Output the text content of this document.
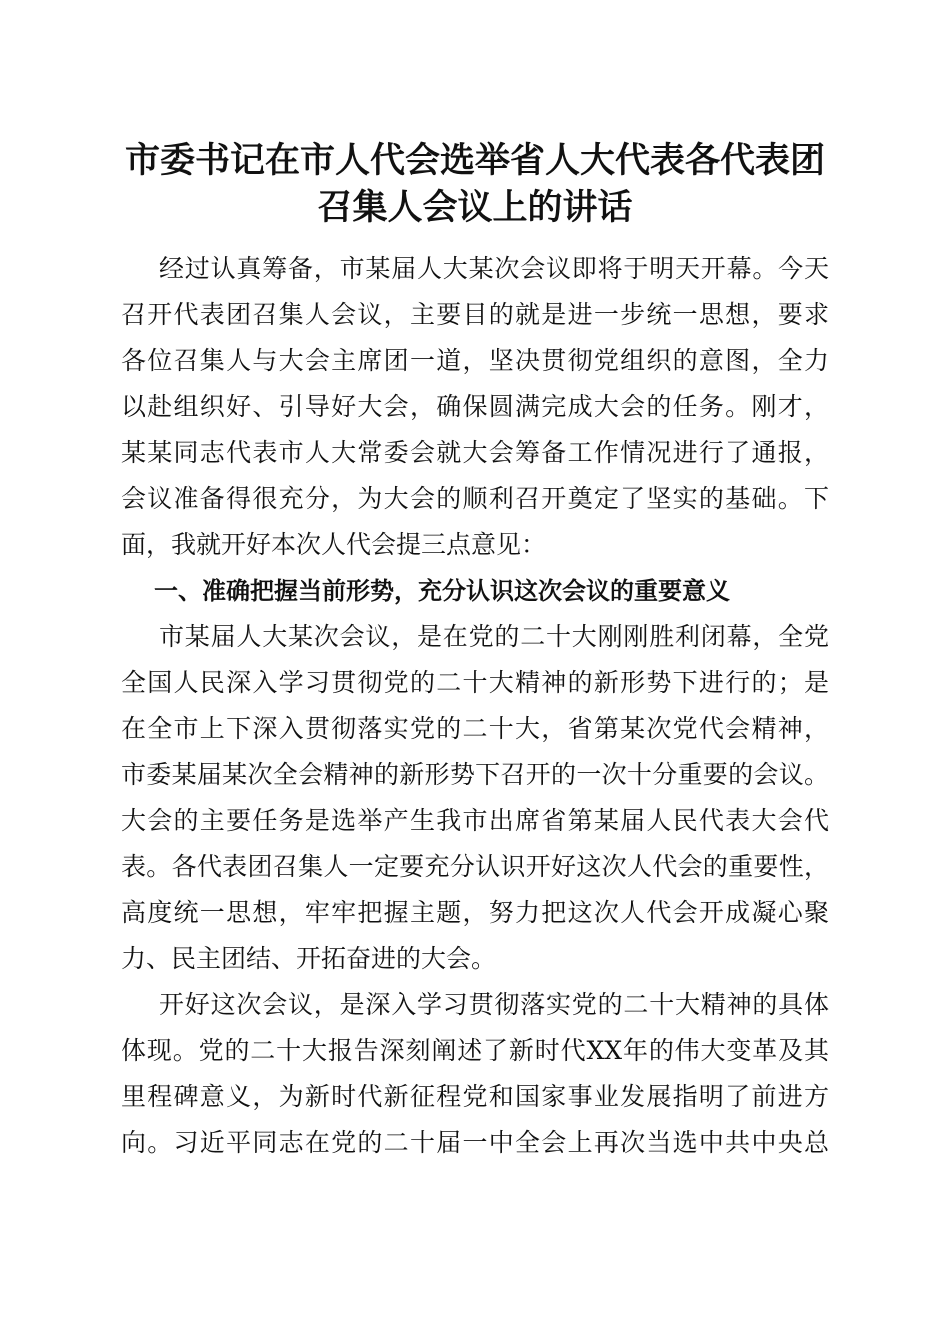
市委书记在市人代会选举省人大代表各代表团
召集人会议上的讲话
经过认真筹备，市某届人大某次会议即将于明天开幕。今天
召开代表团召集人会议，主要目的就是进一步统一思想，要求
各位召集人与大会主席团一道，坚决贯彻党组织的意图，全力
以赴组织好、引导好大会，确保圆满完成大会的任务。刚才，
某某同志代表市人大常委会就大会筹备工作情况进行了通报，
会议准备得很充分，为大会的顺利召开奠定了坚实的基础。下
面，我就开好本次人代会提三点意见：
一、准确把握当前形势，充分认识这次会议的重要意义
市某届人大某次会议，是在党的二十大刚刚胜利闭幕，全党
全国人民深入学习贯彻党的二十大精神的新形势下进行的；是
在全市上下深入贯彻落实党的二十大，省第某次党代会精神，
市委某届某次全会精神的新形势下召开的一次十分重要的会议。
大会的主要任务是选举产生我市出席省第某届人民代表大会代
表。各代表团召集人一定要充分认识开好这次人代会的重要性，
高度统一思想，牢牢把握主题，努力把这次人代会开成凝心聚
力、民主团结、开拓奋进的大会。
开好这次会议，是深入学习贯彻落实党的二十大精神的具体
体现。党的二十大报告深刻阐述了新时代XX年的伟大变革及其
里程碑意义，为新时代新征程党和国家事业发展指明了前进方
向。习近平同志在党的二十届一中全会上再次当选中共中央总
